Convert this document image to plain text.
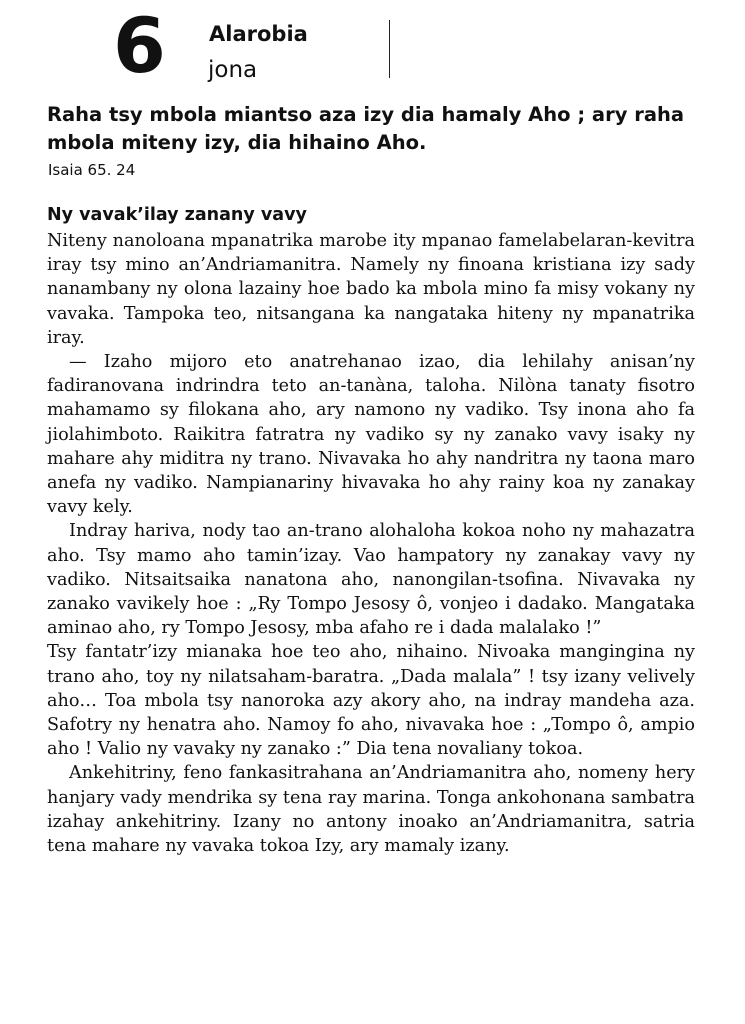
6 Alarobia
jona

Raha tsy mbola miantso aza izy dia hamaly Aho ; ary raha mbola miteny izy, dia hihaino Aho.

Isaia 65. 24
Ny vavak’ilay zanany vavy

Niteny nanoloana mpanatrika marobe ity mpanao famelabelaran-kevitra iray tsy mino an’Andriamanitra. Namely ny finoana kristiana izy sady nanambany ny olona lazainy hoe bado ka mbola mino fa misy vokany ny vavaka. Tampoka teo, nitsangana ka nangataka hiteny ny mpanatrika iray.

— Izaho mijoro eto anatrehanao izao, dia lehilahy anisan’ny fadiranovana indrindra teto an-tanàna, taloha. Nilòna tanaty fisotro mahamamo sy filokana aho, ary namono ny vadiko. Tsy inona aho fa jiolahimboto. Raikitra fatratra ny vadiko sy ny zanako vavy isaky ny mahare ahy miditra ny trano. Nivavaka ho ahy nandritra ny taona maro anefa ny vadiko. Nampianariny hivavaka ho ahy rainy koa ny zanakay vavy kely.

Indray hariva, nody tao an-trano alohaloha kokoa noho ny mahazatra aho. Tsy mamo aho tamin’izay. Vao hampatory ny zanakay vavy ny vadiko. Nitsaitsaika nanatona aho, nanongilan-tsofina. Nivavaka ny zanako vavikely hoe : „Ry Tompo Jesosy ô, vonjeo i dadako. Mangataka aminao aho, ry Tompo Jesosy, mba afaho re i dada malalako !”

Tsy fantatr’izy mianaka hoe teo aho, nihaino. Nivoaka mangingina ny trano aho, toy ny nilatsaham-baratra. „Dada malala” ! tsy izany velively aho… Toa mbola tsy nanoroka azy akory aho, na indray mandeha aza. Safotry ny henatra aho. Namoy fo aho, nivavaka hoe : „Tompo ô, ampio aho ! Valio ny vavaky ny zanako :” Dia tena novaliany tokoa.

Ankehitriny, feno fankasitrahana an’Andriamanitra aho, nomeny hery hanjary vady mendrika sy tena ray marina. Tonga ankohonana sambatra izahay ankehitriny. Izany no antony inoako an’Andriamanitra, satria tena mahare ny vavaka tokoa Izy, ary mamaly izany.
